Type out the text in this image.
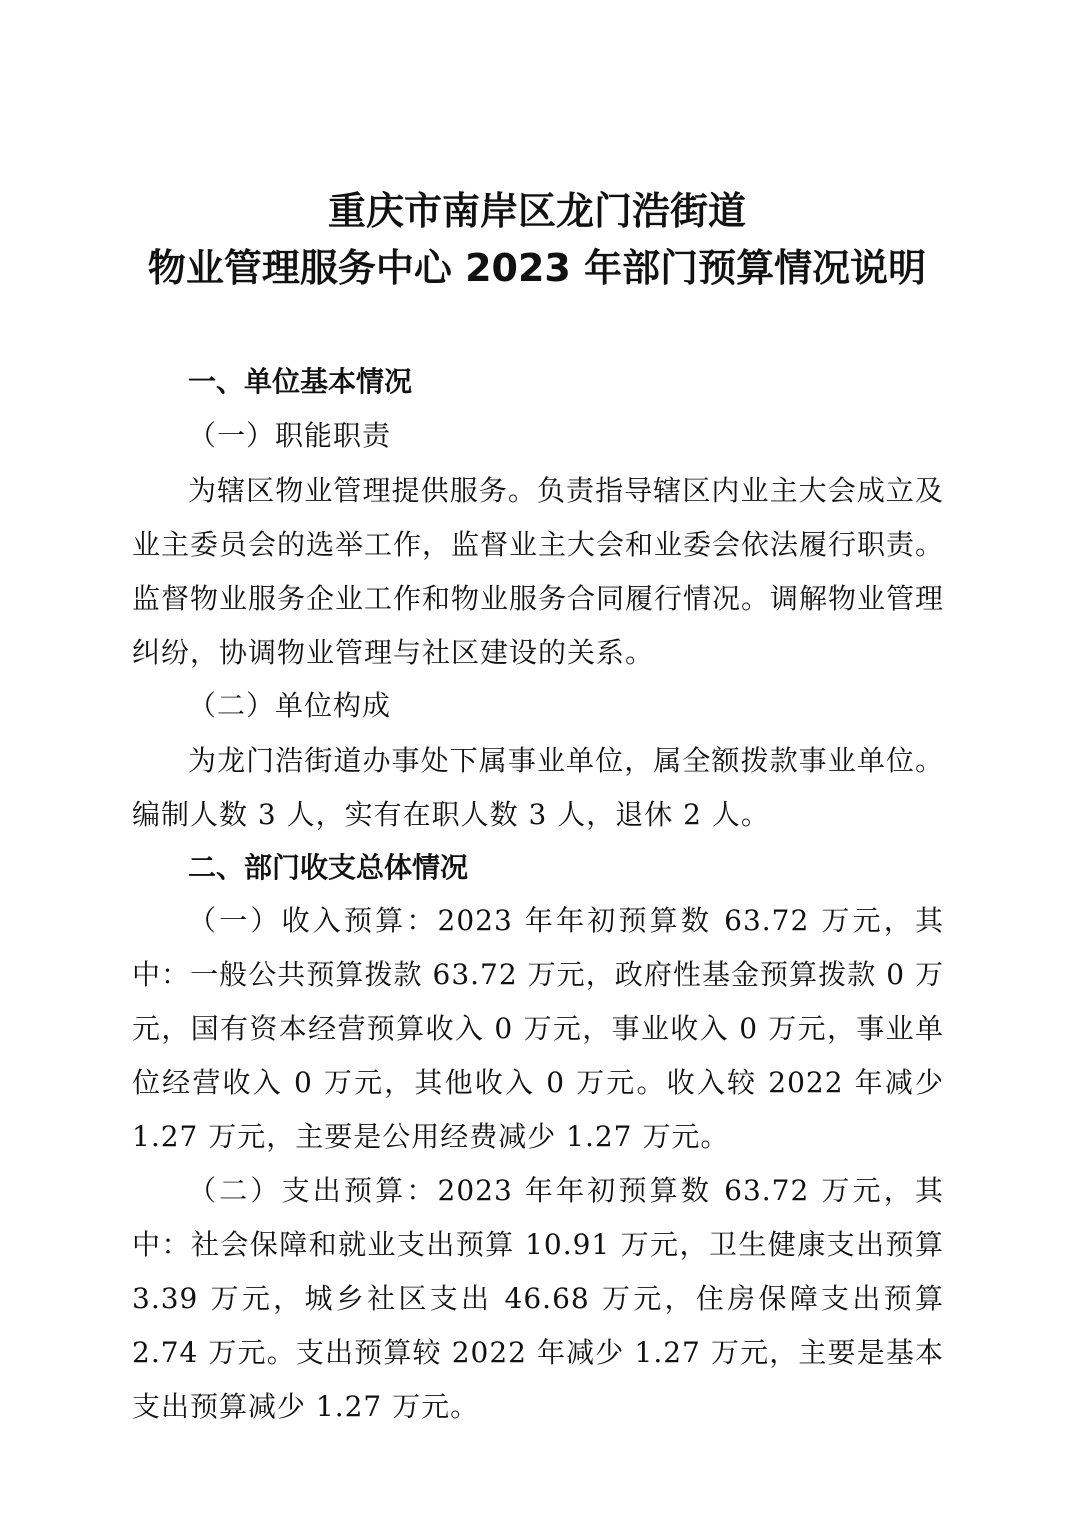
重庆市南岸区龙门浩街道
物业管理服务中心 2023 年部门预算情况说明
一、单位基本情况
（一）职能职责

为辖区物业管理提供服务。负责指导辖区内业主大会成立及业主委员会的选举工作，监督业主大会和业委会依法履行职责。监督物业服务企业工作和物业服务合同履行情况。调解物业管理纠纷，协调物业管理与社区建设的关系。

（二）单位构成

为龙门浩街道办事处下属事业单位，属全额拨款事业单位。编制人数 3 人，实有在职人数 3 人，退休 2 人。

二、部门收支总体情况

（一）收入预算：2023 年年初预算数 63.72 万元，其中：一般公共预算拨款 63.72 万元，政府性基金预算拨款 0 万元，国有资本经营预算收入 0 万元，事业收入 0 万元，事业单位经营收入 0 万元，其他收入 0 万元。收入较 2022 年减少 1.27 万元，主要是公用经费减少 1.27 万元。

（二）支出预算：2023 年年初预算数 63.72 万元，其中：社会保障和就业支出预算 10.91 万元，卫生健康支出预算 3.39 万元，城乡社区支出 46.68 万元，住房保障支出预算 2.74 万元。支出预算较 2022 年减少 1.27 万元，主要是基本支出预算减少 1.27 万元。
